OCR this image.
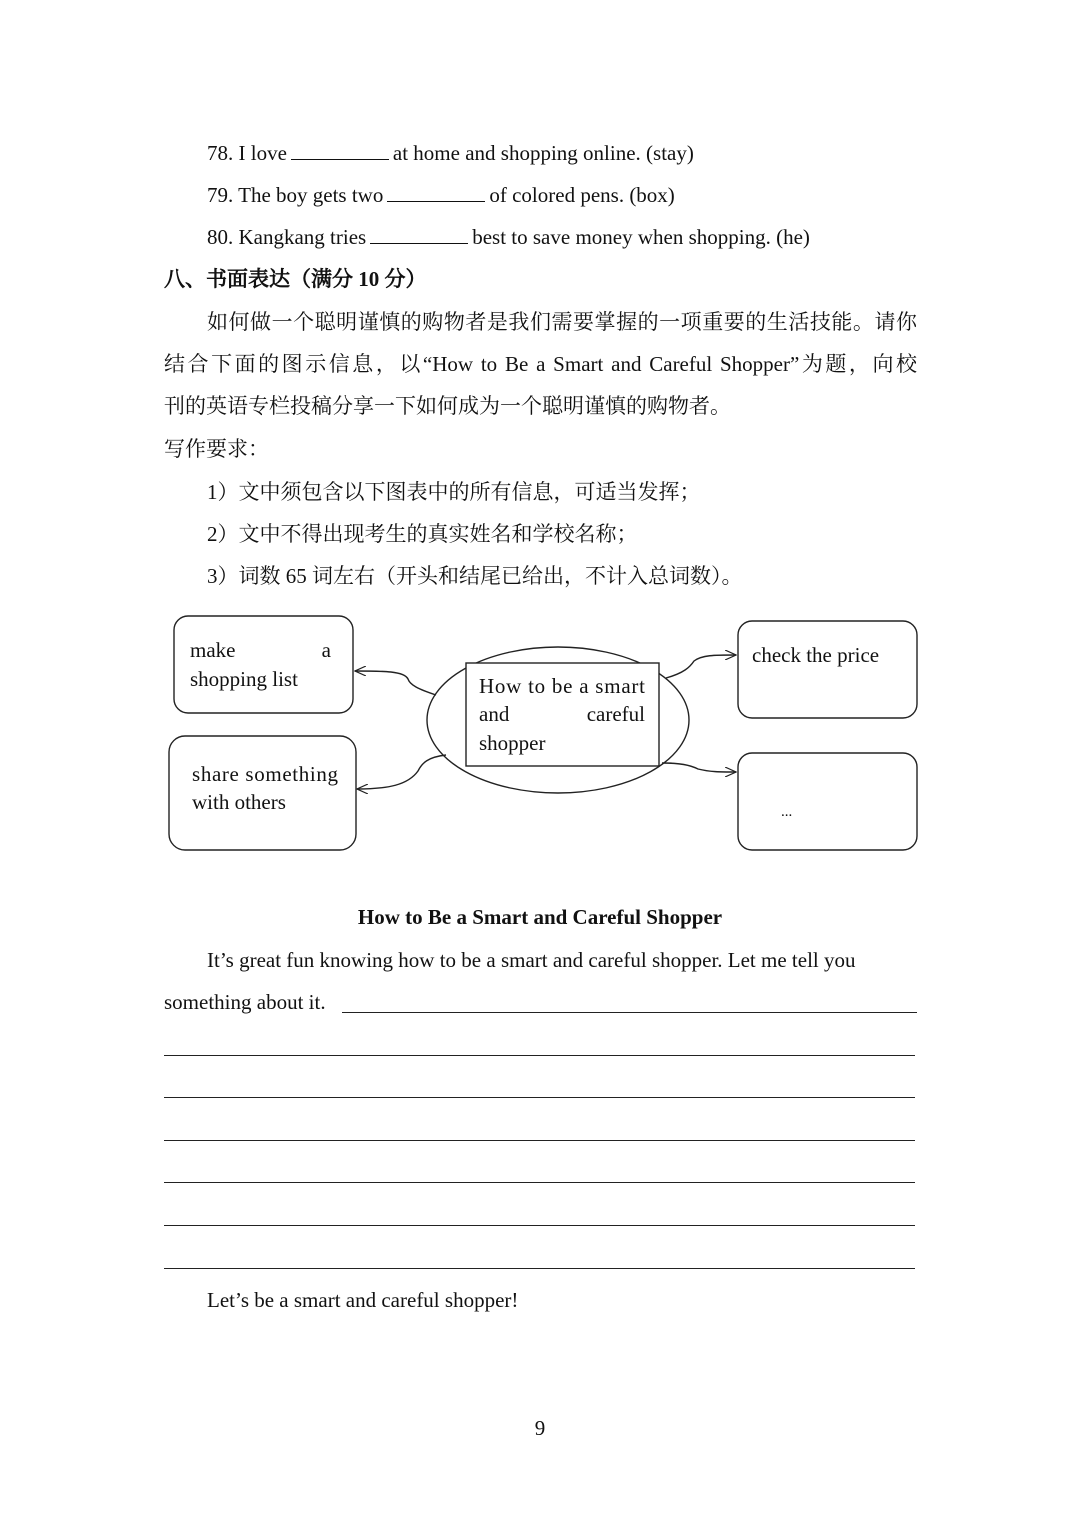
78. I love	at home and shopping online. (stay)
79. The boy gets two	of colored pens. (box)
80. Kangkang tries	best to save money when shopping. (he)
八、书面表达（满分 10 分）
如何做一个聪明谨慎的购物者是我们需要掌握的一项重要的生活技能。请你
结合下面的图示信息，以“How to Be a Smart and Careful Shopper”为题，向校
刊的英语专栏投稿分享一下如何成为一个聪明谨慎的购物者。
写作要求：
1）文中须包含以下图表中的所有信息，可适当发挥；
2）文中不得出现考生的真实姓名和学校名称；
3）词数 65 词左右（开头和结尾已给出，不计入总词数）。
How to be a smart
and	careful
shopper
make	a
shopping list
share something
with others
check the price
...
How to Be a Smart and Careful Shopper
It’s great fun knowing how to be a smart and careful shopper. Let me tell you
something about it.
Let’s be a smart and careful shopper!
9
